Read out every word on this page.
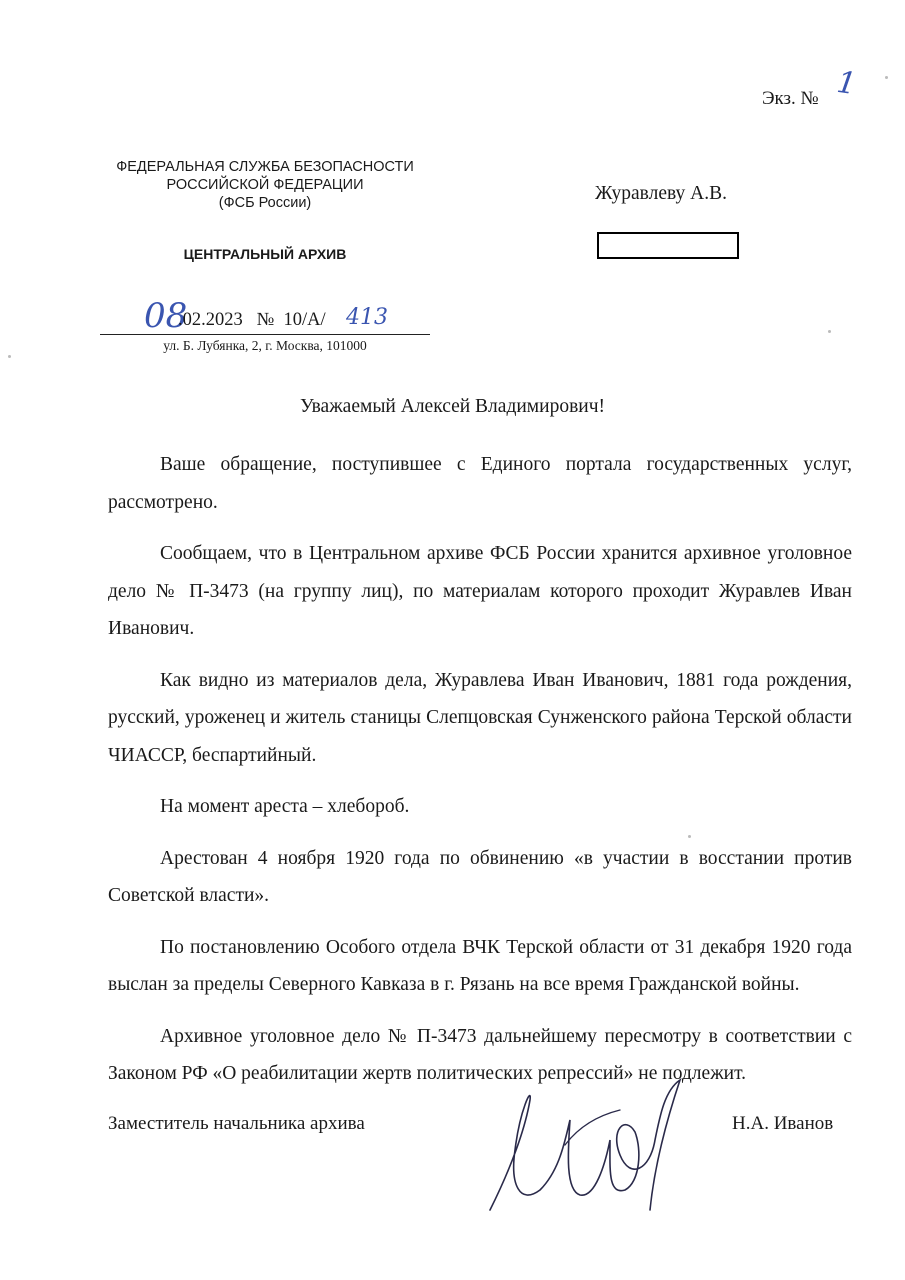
Экз. № 1
ФЕДЕРАЛЬНАЯ СЛУЖБА БЕЗОПАСНОСТИ
РОССИЙСКОЙ ФЕДЕРАЦИИ
(ФСБ России)
ЦЕНТРАЛЬНЫЙ АРХИВ
08
.02.2023   №  10/А/ 413
ул. Б. Лубянка, 2, г. Москва, 101000
Журавлеву А.В.
Уважаемый Алексей Владимирович!

Ваше обращение, поступившее с Единого портала государственных услуг, рассмотрено.

Сообщаем, что в Центральном архиве ФСБ России хранится архивное уголовное дело № П-3473 (на группу лиц), по материалам которого проходит Журавлев Иван Иванович.

Как видно из материалов дела, Журавлева Иван Иванович, 1881 года рождения, русский, уроженец и житель станицы Слепцовская Сунженского района Терской области ЧИАССР, беспартийный.

На момент ареста – хлебороб.

Арестован 4 ноября 1920 года по обвинению «в участии в восстании против Советской власти».

По постановлению Особого отдела ВЧК Терской области от 31 декабря 1920 года выслан за пределы Северного Кавказа в г. Рязань на все время Гражданской войны.

Архивное уголовное дело № П-3473 дальнейшему пересмотру в соответствии с Законом РФ «О реабилитации жертв политических репрессий» не подлежит.

Заместитель начальника архива	Н.А. Иванов
